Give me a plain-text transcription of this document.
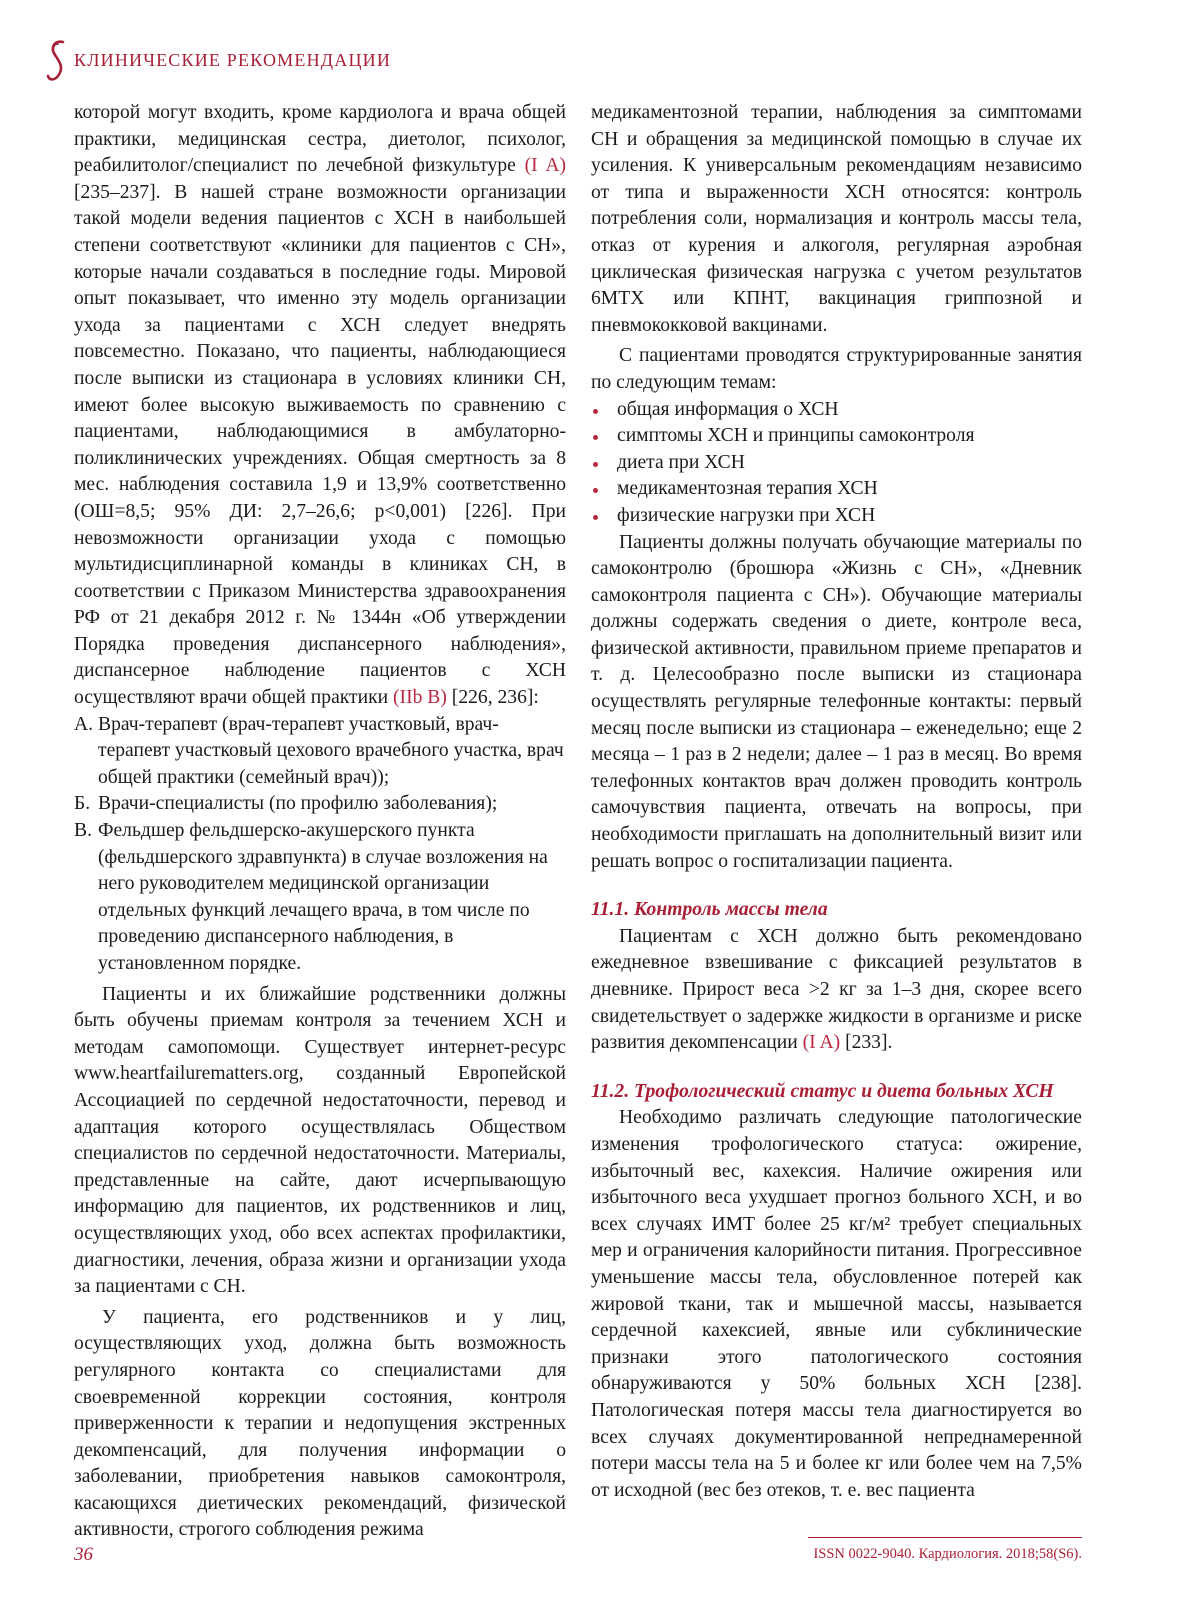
КЛИНИЧЕСКИЕ РЕКОМЕНДАЦИИ

которой могут входить, кроме кардиолога и врача общей практики, медицинская сестра, диетолог, психолог, реабилитолог/специалист по лечебной физкультуре (I A) [235–237]. В нашей стране возможности организации такой модели ведения пациентов с ХСН в наибольшей степени соответствуют «клиники для пациентов с СН», которые начали создаваться в последние годы. Мировой опыт показывает, что именно эту модель организации ухода за пациентами с ХСН следует внедрять повсеместно. Показано, что пациенты, наблюдающиеся после выписки из стационара в условиях клиники СН, имеют более высокую выживаемость по сравнению с пациентами, наблюдающимися в амбулаторно-поликлинических учреждениях. Общая смертность за 8 мес. наблюдения составила 1,9 и 13,9% соответственно (ОШ=8,5; 95% ДИ: 2,7–26,6; p<0,001) [226]. При невозможности организации ухода с помощью мультидисциплинарной команды в клиниках СН, в соответствии с Приказом Министерства здравоохранения РФ от 21 декабря 2012 г. № 1344н «Об утверждении Порядка проведения диспансерного наблюдения», диспансерное наблюдение пациентов с ХСН осуществляют врачи общей практики (IIb B) [226, 236]:

А. Врач-терапевт (врач-терапевт участковый, врач-терапевт участковый цехового врачебного участка, врач общей практики (семейный врач));
Б. Врачи-специалисты (по профилю заболевания);
В. Фельдшер фельдшерско-акушерского пункта (фельдшерского здравпункта) в случае возложения на него руководителем медицинской организации отдельных функций лечащего врача, в том числе по проведению диспансерного наблюдения, в установленном порядке.

Пациенты и их ближайшие родственники должны быть обучены приемам контроля за течением ХСН и методам самопомощи. Существует интернет-ресурс www.heartfailurematters.org, созданный Европейской Ассоциацией по сердечной недостаточности, перевод и адаптация которого осуществлялась Обществом специалистов по сердечной недостаточности. Материалы, представленные на сайте, дают исчерпывающую информацию для пациентов, их родственников и лиц, осуществляющих уход, обо всех аспектах профилактики, диагностики, лечения, образа жизни и организации ухода за пациентами с СН.

У пациента, его родственников и у лиц, осуществляющих уход, должна быть возможность регулярного контакта со специалистами для своевременной коррекции состояния, контроля приверженности к терапии и недопущения экстренных декомпенсаций, для получения информации о заболевании, приобретения навыков самоконтроля, касающихся диетических рекомендаций, физической активности, строгого соблюдения режима

медикаментозной терапии, наблюдения за симптомами СН и обращения за медицинской помощью в случае их усиления. К универсальным рекомендациям независимо от типа и выраженности ХСН относятся: контроль потребления соли, нормализация и контроль массы тела, отказ от курения и алкоголя, регулярная аэробная циклическая физическая нагрузка с учетом результатов 6МТХ или КПНТ, вакцинация гриппозной и пневмококковой вакцинами.

С пациентами проводятся структурированные занятия по следующим темам:

общая информация о ХСН
симптомы ХСН и принципы самоконтроля
диета при ХСН
медикаментозная терапия ХСН
физические нагрузки при ХСН

Пациенты должны получать обучающие материалы по самоконтролю (брошюра «Жизнь с СН», «Дневник самоконтроля пациента с СН»). Обучающие материалы должны содержать сведения о диете, контроле веса, физической активности, правильном приеме препаратов и т. д. Целесообразно после выписки из стационара осуществлять регулярные телефонные контакты: первый месяц после выписки из стационара – еженедельно; еще 2 месяца – 1 раз в 2 недели; далее – 1 раз в месяц. Во время телефонных контактов врач должен проводить контроль самочувствия пациента, отвечать на вопросы, при необходимости приглашать на дополнительный визит или решать вопрос о госпитализации пациента.

11.1. Контроль массы тела

Пациентам с ХСН должно быть рекомендовано ежедневное взвешивание с фиксацией результатов в дневнике. Прирост веса >2 кг за 1–3 дня, скорее всего свидетельствует о задержке жидкости в организме и риске развития декомпенсации (I A) [233].

11.2. Трофологический статус и диета больных ХСН

Необходимо различать следующие патологические изменения трофологического статуса: ожирение, избыточный вес, кахексия. Наличие ожирения или избыточного веса ухудшает прогноз больного ХСН, и во всех случаях ИМТ более 25 кг/м² требует специальных мер и ограничения калорийности питания. Прогрессивное уменьшение массы тела, обусловленное потерей как жировой ткани, так и мышечной массы, называется сердечной кахексией, явные или субклинические признаки этого патологического состояния обнаруживаются у 50% больных ХСН [238]. Патологическая потеря массы тела диагностируется во всех случаях документированной непреднамеренной потери массы тела на 5 и более кг или более чем на 7,5% от исходной (вес без отеков, т. е. вес пациента

36	ISSN 0022-9040. Кардиология. 2018;58(S6).
